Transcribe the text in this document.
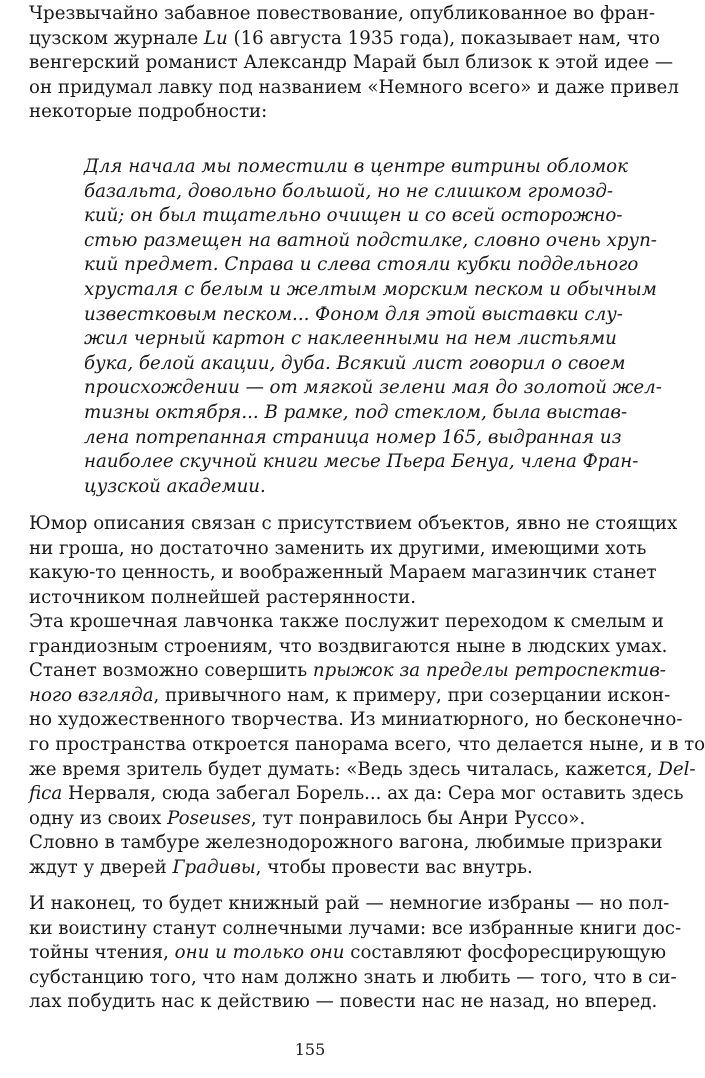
Чрезвычайно забавное повествование, опубликованное во фран-
цузском журнале Lu (16 августа 1935 года), показывает нам, что
венгерский романист Александр Марай был близок к этой идее —
он придумал лавку под названием «Немного всего» и даже привел
некоторые подробности:

Для начала мы поместили в центре витрины обломок
базальта, довольно большой, но не слишком громозд-
кий; он был тщательно очищен и со всей осторожно-
стью размещен на ватной подстилке, словно очень хруп-
кий предмет. Справа и слева стояли кубки поддельного
хрусталя с белым и желтым морским песком и обычным
известковым песком... Фоном для этой выставки слу-
жил черный картон с наклеенными на нем листьями
бука, белой акации, дуба. Всякий лист говорил о своем
происхождении — от мягкой зелени мая до золотой жел-
тизны октября... В рамке, под стеклом, была выстав-
лена потрепанная страница номер 165, выдранная из
наиболее скучной книги месье Пьера Бенуа, члена Фран-
цузской академии.

Юмор описания связан с присутствием объектов, явно не стоящих
ни гроша, но достаточно заменить их другими, имеющими хоть
какую-то ценность, и воображенный Мараем магазинчик станет
источником полнейшей растерянности.

Эта крошечная лавчонка также послужит переходом к смелым и
грандиозным строениям, что воздвигаются ныне в людских умах.
Станет возможно совершить прыжок за пределы ретроспектив-
ного взгляда, привычного нам, к примеру, при созерцании искон-
но художественного творчества. Из миниатюрного, но бесконечно-
го пространства откроется панорама всего, что делается ныне, и в то
же время зритель будет думать: «Ведь здесь читалась, кажется, Del-
fica Нерваля, сюда забегал Борель... ах да: Сера мог оставить здесь
одну из своих Poseuses, тут понравилось бы Анри Руссо».

Словно в тамбуре железнодорожного вагона, любимые призраки
ждут у дверей Градивы, чтобы провести вас внутрь.

И наконец, то будет книжный рай — немногие избраны — но пол-
ки воистину станут солнечными лучами: все избранные книги дос-
тойны чтения, они и только они составляют фосфоресцирующую
субстанцию того, что нам должно знать и любить — того, что в си-
лах побудить нас к действию — повести нас не назад, но вперед.

155
